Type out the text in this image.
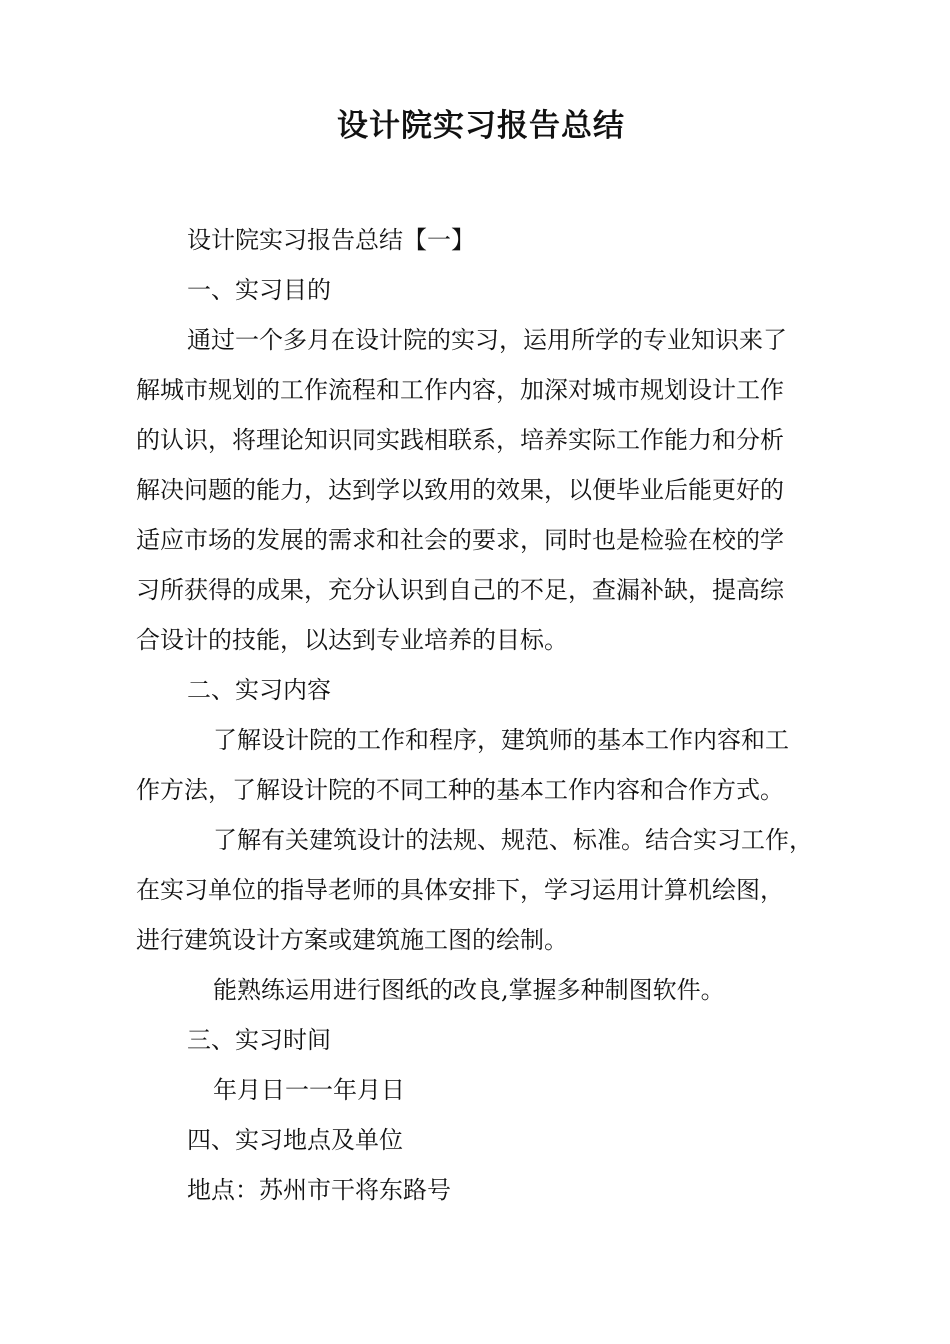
设计院实习报告总结

设计院实习报告总结【一】

一、实习目的

通过一个多月在设计院的实习，运用所学的专业知识来了

解城市规划的工作流程和工作内容，加深对城市规划设计工作

的认识，将理论知识同实践相联系，培养实际工作能力和分析

解决问题的能力，达到学以致用的效果，以便毕业后能更好的

适应市场的发展的需求和社会的要求，同时也是检验在校的学

习所获得的成果，充分认识到自己的不足，查漏补缺，提高综

合设计的技能，以达到专业培养的目标。

二、实习内容

了解设计院的工作和程序，建筑师的基本工作内容和工

作方法，了解设计院的不同工种的基本工作内容和合作方式。

了解有关建筑设计的法规、规范、标准。结合实习工作，

在实习单位的指导老师的具体安排下，学习运用计算机绘图，

进行建筑设计方案或建筑施工图的绘制。

能熟练运用进行图纸的改良,掌握多种制图软件。

三、实习时间

年月日一一年月日

四、实习地点及单位

地点：苏州市干将东路号
